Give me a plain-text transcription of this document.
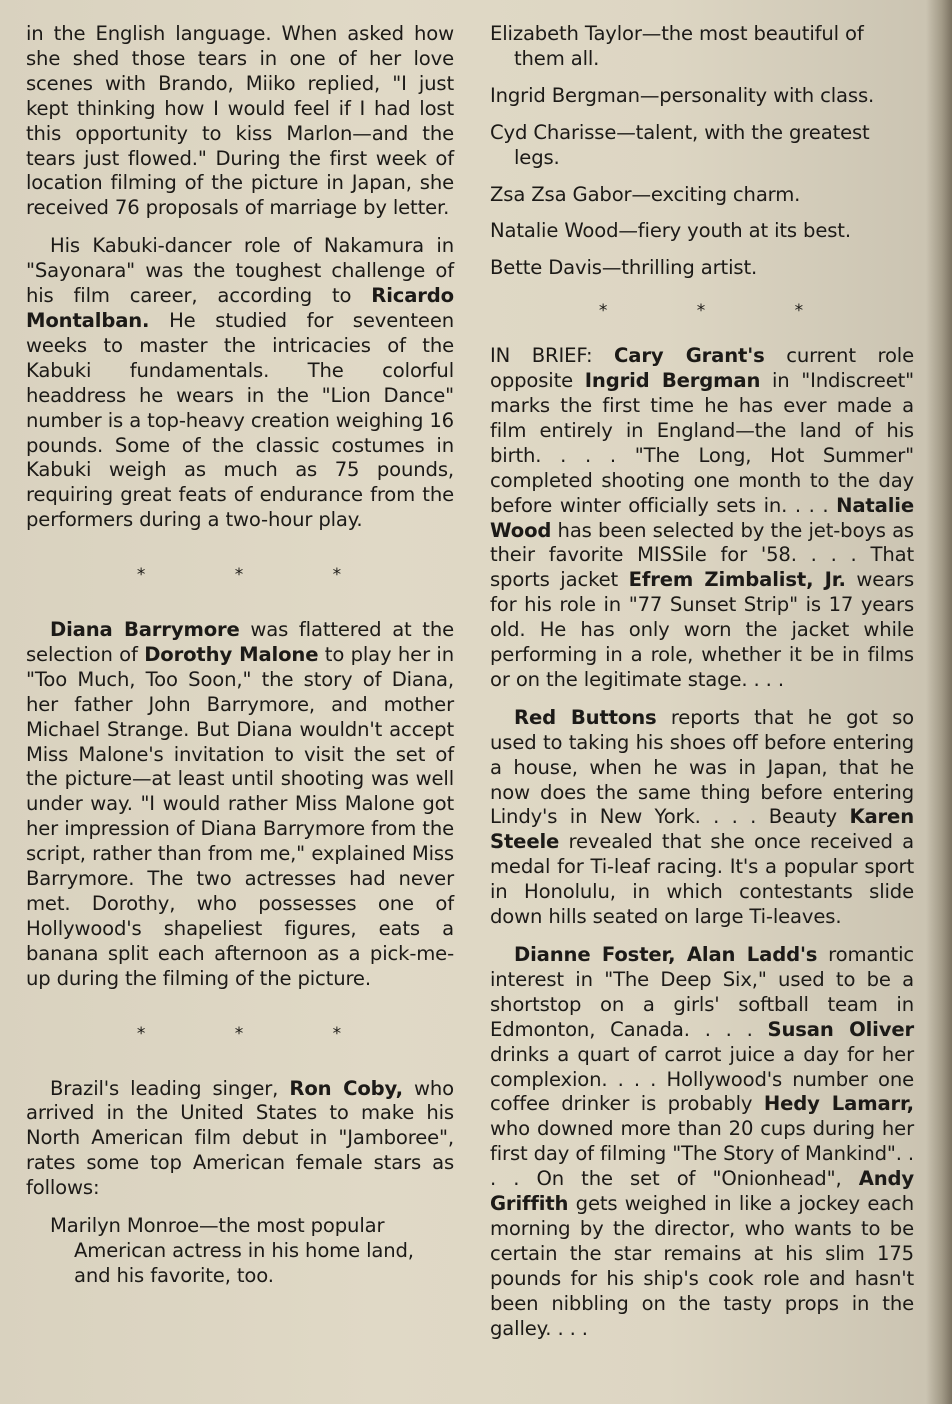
in the English language. When asked how she shed those tears in one of her love scenes with Brando, Miiko replied, "I just kept thinking how I would feel if I had lost this opportunity to kiss Marlon—and the tears just flowed." During the first week of location filming of the picture in Japan, she received 76 proposals of marriage by letter.

His Kabuki-dancer role of Nakamura in "Sayonara" was the toughest challenge of his film career, according to Ricardo Montalban. He studied for seventeen weeks to master the intricacies of the Kabuki fundamentals. The colorful headdress he wears in the "Lion Dance" number is a top-heavy creation weighing 16 pounds. Some of the classic costumes in Kabuki weigh as much as 75 pounds, requiring great feats of endurance from the performers during a two-hour play.

* * *

Diana Barrymore was flattered at the selection of Dorothy Malone to play her in "Too Much, Too Soon," the story of Diana, her father John Barrymore, and mother Michael Strange. But Diana wouldn't accept Miss Malone's invitation to visit the set of the picture—at least until shooting was well under way. "I would rather Miss Malone got her impression of Diana Barrymore from the script, rather than from me," explained Miss Barrymore. The two actresses had never met. Dorothy, who possesses one of Hollywood's shapeliest figures, eats a banana split each afternoon as a pick-me-up during the filming of the picture.

* * *

Brazil's leading singer, Ron Coby, who arrived in the United States to make his North American film debut in "Jamboree", rates some top American female stars as follows:

Marilyn Monroe—the most popular American actress in his home land, and his favorite, too.

Elizabeth Taylor—the most beautiful of them all.

Ingrid Bergman—personality with class.

Cyd Charisse—talent, with the greatest legs.

Zsa Zsa Gabor—exciting charm.

Natalie Wood—fiery youth at its best.

Bette Davis—thrilling artist.

* * *

IN BRIEF: Cary Grant's current role opposite Ingrid Bergman in "Indiscreet" marks the first time he has ever made a film entirely in England—the land of his birth. . . . "The Long, Hot Summer" completed shooting one month to the day before winter officially sets in. . . . Natalie Wood has been selected by the jet-boys as their favorite MISSile for '58. . . . That sports jacket Efrem Zimbalist, Jr. wears for his role in "77 Sunset Strip" is 17 years old. He has only worn the jacket while performing in a role, whether it be in films or on the legitimate stage. . . .

Red Buttons reports that he got so used to taking his shoes off before entering a house, when he was in Japan, that he now does the same thing before entering Lindy's in New York. . . . Beauty Karen Steele revealed that she once received a medal for Ti-leaf racing. It's a popular sport in Honolulu, in which contestants slide down hills seated on large Ti-leaves.

Dianne Foster, Alan Ladd's romantic interest in "The Deep Six," used to be a shortstop on a girls' softball team in Edmonton, Canada. . . . Susan Oliver drinks a quart of carrot juice a day for her complexion. . . . Hollywood's number one coffee drinker is probably Hedy Lamarr, who downed more than 20 cups during her first day of filming "The Story of Mankind". . . . On the set of "Onionhead", Andy Griffith gets weighed in like a jockey each morning by the director, who wants to be certain the star remains at his slim 175 pounds for his ship's cook role and hasn't been nibbling on the tasty props in the galley. . . .
